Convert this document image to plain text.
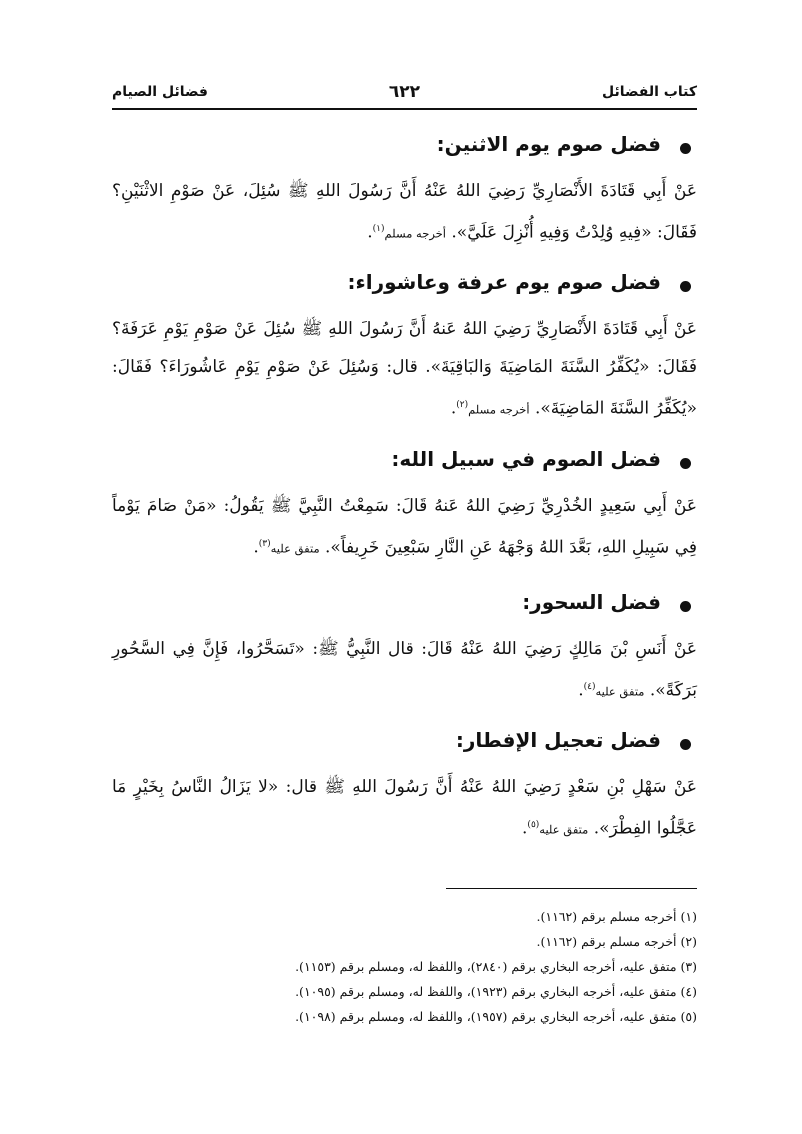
كتاب الفضائل
٦٢٢
فضائل الصيام
فضل صوم يوم الاثنين:
عَنْ أَبِي قَتَادَةَ الأَنْصَارِيِّ رَضِيَ اللهُ عَنْهُ أَنَّ رَسُولَ اللهِ ﷺ سُئِلَ، عَنْ صَوْمِ الاثْنَيْنِ؟ فَقَالَ: «فِيهِ وُلِدْتُ وَفِيهِ أُنْزِلَ عَلَيَّ». أخرجه مسلم$^{(١)}$.
فضل صوم يوم عرفة وعاشوراء:
عَنْ أَبِي قَتَادَةَ الأَنْصَارِيِّ رَضِيَ اللهُ عَنهُ أَنَّ رَسُولَ اللهِ ﷺ سُئِلَ عَنْ صَوْمِ يَوْمِ عَرَفَةَ؟ فَقَالَ: «يُكَفِّرُ السَّنَةَ المَاضِيَةَ وَالبَاقِيَةَ». قال: وَسُئِلَ عَنْ صَوْمِ يَوْمِ عَاشُورَاءَ؟ فَقَالَ: «يُكَفِّرُ السَّنَةَ المَاضِيَةَ». أخرجه مسلم$^{(٢)}$.
فضل الصوم في سبيل الله:
عَنْ أَبِي سَعِيدٍ الخُدْرِيِّ رَضِيَ اللهُ عَنهُ قَالَ: سَمِعْتُ النَّبِيَّ ﷺ يَقُولُ: «مَنْ صَامَ يَوْماً فِي سَبِيلِ اللهِ، بَعَّدَ اللهُ وَجْهَهُ عَنِ النَّارِ سَبْعِينَ خَرِيفاً». متفق عليه$^{(٣)}$.
فضل السحور:
عَنْ أَنَسِ بْنَ مَالِكٍ رَضِيَ اللهُ عَنْهُ قَالَ: قال النَّبِيُّ ﷺ: «تَسَحَّرُوا، فَإِنَّ فِي السَّحُورِ بَرَكَةً». متفق عليه$^{(٤)}$.
فضل تعجيل الإفطار:
عَنْ سَهْلِ بْنِ سَعْدٍ رَضِيَ اللهُ عَنْهُ أَنَّ رَسُولَ اللهِ ﷺ قال: «لا يَزَالُ النَّاسُ بِخَيْرٍ مَا عَجَّلُوا الفِطْرَ». متفق عليه$^{(٥)}$.
(١) أخرجه مسلم برقم (١١٦٢).
(٢) أخرجه مسلم برقم (١١٦٢).
(٣) متفق عليه، أخرجه البخاري برقم (٢٨٤٠)، واللفظ له، ومسلم برقم (١١٥٣).
(٤) متفق عليه، أخرجه البخاري برقم (١٩٢٣)، واللفظ له، ومسلم برقم (١٠٩٥).
(٥) متفق عليه، أخرجه البخاري برقم (١٩٥٧)، واللفظ له، ومسلم برقم (١٠٩٨).
